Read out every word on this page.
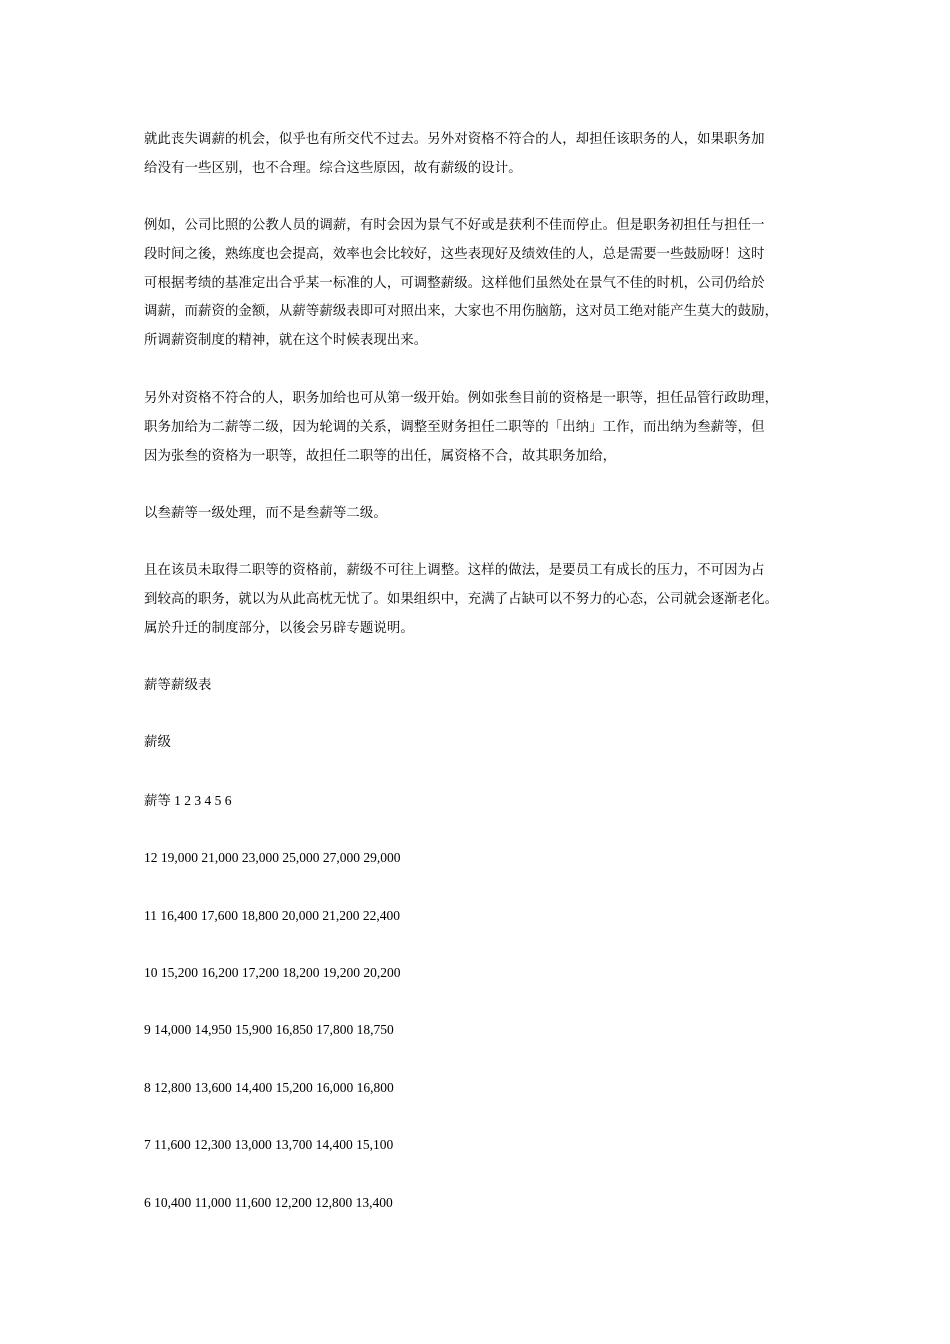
就此丧失调薪的机会，似乎也有所交代不过去。另外对资格不符合的人，却担任该职务的人，如果职务加
给没有一些区别，也不合理。综合这些原因，故有薪级的设计。

例如，公司比照的公教人员的调薪，有时会因为景气不好或是获利不佳而停止。但是职务初担任与担任一
段时间之後，熟练度也会提高，效率也会比较好，这些表现好及绩效佳的人，总是需要一些鼓励呀！这时
可根据考绩的基准定出合乎某一标准的人，可调整薪级。这样他们虽然处在景气不佳的时机，公司仍给於
调薪，而薪资的金额，从薪等薪级表即可对照出来，大家也不用伤脑筋，这对员工绝对能产生莫大的鼓励，
所调薪资制度的精神，就在这个时候表现出来。

另外对资格不符合的人，职务加给也可从第一级开始。例如张叁目前的资格是一职等，担任品管行政助理，
职务加给为二薪等二级，因为轮调的关系，调整至财务担任二职等的「出纳」工作，而出纳为叁薪等，但
因为张叁的资格为一职等，故担任二职等的出任，属资格不合，故其职务加给，

以叁薪等一级处理，而不是叁薪等二级。

且在该员未取得二职等的资格前，薪级不可往上调整。这样的做法，是要员工有成长的压力，不可因为占
到较高的职务，就以为从此高枕无忧了。如果组织中，充满了占缺可以不努力的心态，公司就会逐渐老化。
属於升迁的制度部分，以後会另辟专题说明。

薪等薪级表

薪级

薪等 1 2 3 4 5 6

12 19,000 21,000 23,000 25,000 27,000 29,000

11 16,400 17,600 18,800 20,000 21,200 22,400

10 15,200 16,200 17,200 18,200 19,200 20,200

9 14,000 14,950 15,900 16,850 17,800 18,750

8 12,800 13,600 14,400 15,200 16,000 16,800

7 11,600 12,300 13,000 13,700 14,400 15,100

6 10,400 11,000 11,600 12,200 12,800 13,400
